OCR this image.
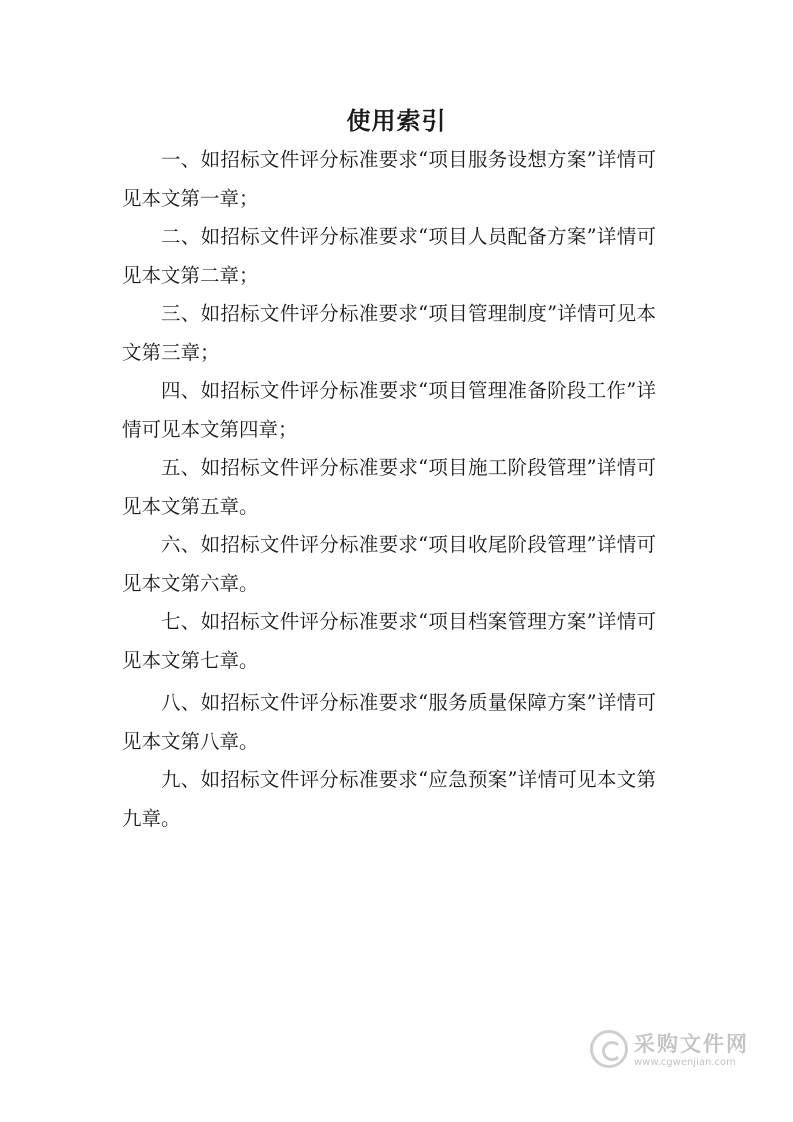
使用索引

一、如招标文件评分标准要求“项目服务设想方案”详情可见本文第一章；

二、如招标文件评分标准要求“项目人员配备方案”详情可见本文第二章；

三、如招标文件评分标准要求“项目管理制度”详情可见本文第三章；

四、如招标文件评分标准要求“项目管理准备阶段工作”详情可见本文第四章；

五、如招标文件评分标准要求“项目施工阶段管理”详情可见本文第五章。

六、如招标文件评分标准要求“项目收尾阶段管理”详情可见本文第六章。

七、如招标文件评分标准要求“项目档案管理方案”详情可见本文第七章。

八、如招标文件评分标准要求“服务质量保障方案”详情可见本文第八章。

九、如招标文件评分标准要求“应急预案”详情可见本文第九章。

采购文件网
www.cgwenjian.com
